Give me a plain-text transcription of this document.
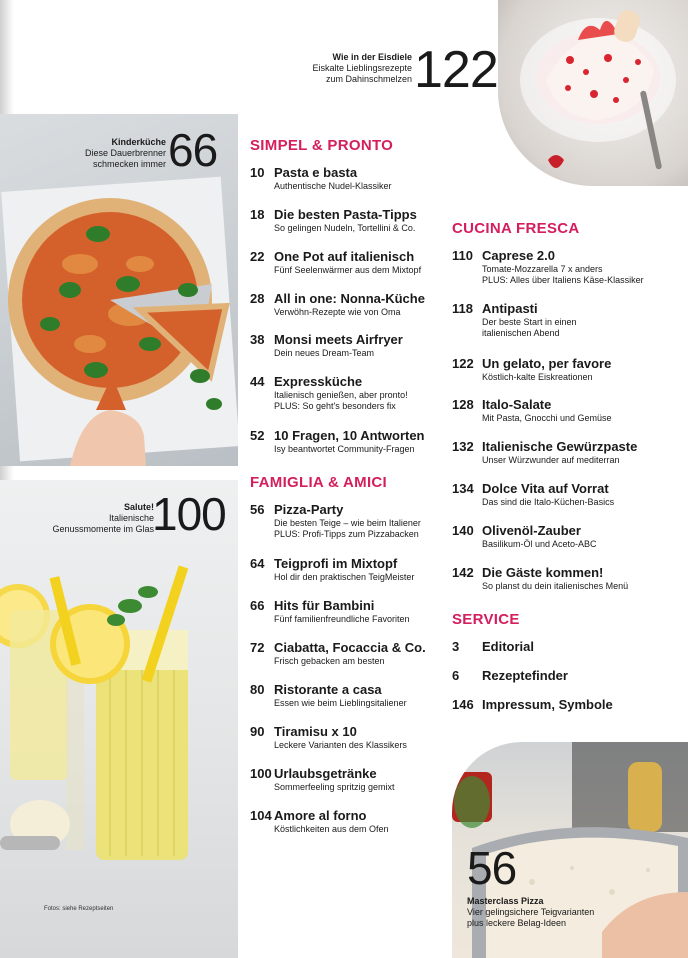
Wie in der Eisdiele
Eiskalte Lieblingsrezepte
zum Dahinschmelzen 122
Kinderküche
Diese Dauerbrenner
schmecken immer 66
Salute!
Italienische
Genussmomente im Glas
100
Fotos: siehe Rezeptseiten
56
Masterclass Pizza
Vier gelingsichere Teigvarianten
plus leckere Belag-Ideen
SIMPEL & PRONTO
10 Pasta e basta
Authentische Nudel-Klassiker
18 Die besten Pasta-Tipps
So gelingen Nudeln, Tortellini & Co.
22 One Pot auf italienisch
Fünf Seelenwärmer aus dem Mixtopf
28 All in one: Nonna-Küche
Verwöhn-Rezepte wie von Oma
38 Monsi meets Airfryer
Dein neues Dream-Team
44 Expressküche
Italienisch genießen, aber pronto!
PLUS: So geht's besonders fix
52 10 Fragen, 10 Antworten
Isy beantwortet Community-Fragen
FAMIGLIA & AMICI
56 Pizza-Party
Die besten Teige – wie beim Italiener
PLUS: Profi-Tipps zum Pizzabacken
64 Teigprofi im Mixtopf
Hol dir den praktischen TeigMeister
66 Hits für Bambini
Fünf familienfreundliche Favoriten
72 Ciabatta, Focaccia & Co.
Frisch gebacken am besten
80 Ristorante a casa
Essen wie beim Lieblingsitaliener
90 Tiramisu x 10
Leckere Varianten des Klassikers
100 Urlaubsgetränke
Sommerfeeling spritzig gemixt
104 Amore al forno
Köstlichkeiten aus dem Ofen
CUCINA FRESCA
110 Caprese 2.0
Tomate-Mozzarella 7 x anders
PLUS: Alles über Italiens Käse-Klassiker
118 Antipasti
Der beste Start in einen
italienischen Abend
122 Un gelato, per favore
Köstlich-kalte Eiskreationen
128 Italo-Salate
Mit Pasta, Gnocchi und Gemüse
132 Italienische Gewürzpaste
Unser Würzwunder auf mediterran
134 Dolce Vita auf Vorrat
Das sind die Italo-Küchen-Basics
140 Olivenöl-Zauber
Basilikum-Öl und Aceto-ABC
142 Die Gäste kommen!
So planst du dein italienisches Menü
SERVICE
3	Editorial
6	Rezeptefinder
146 Impressum, Symbole
